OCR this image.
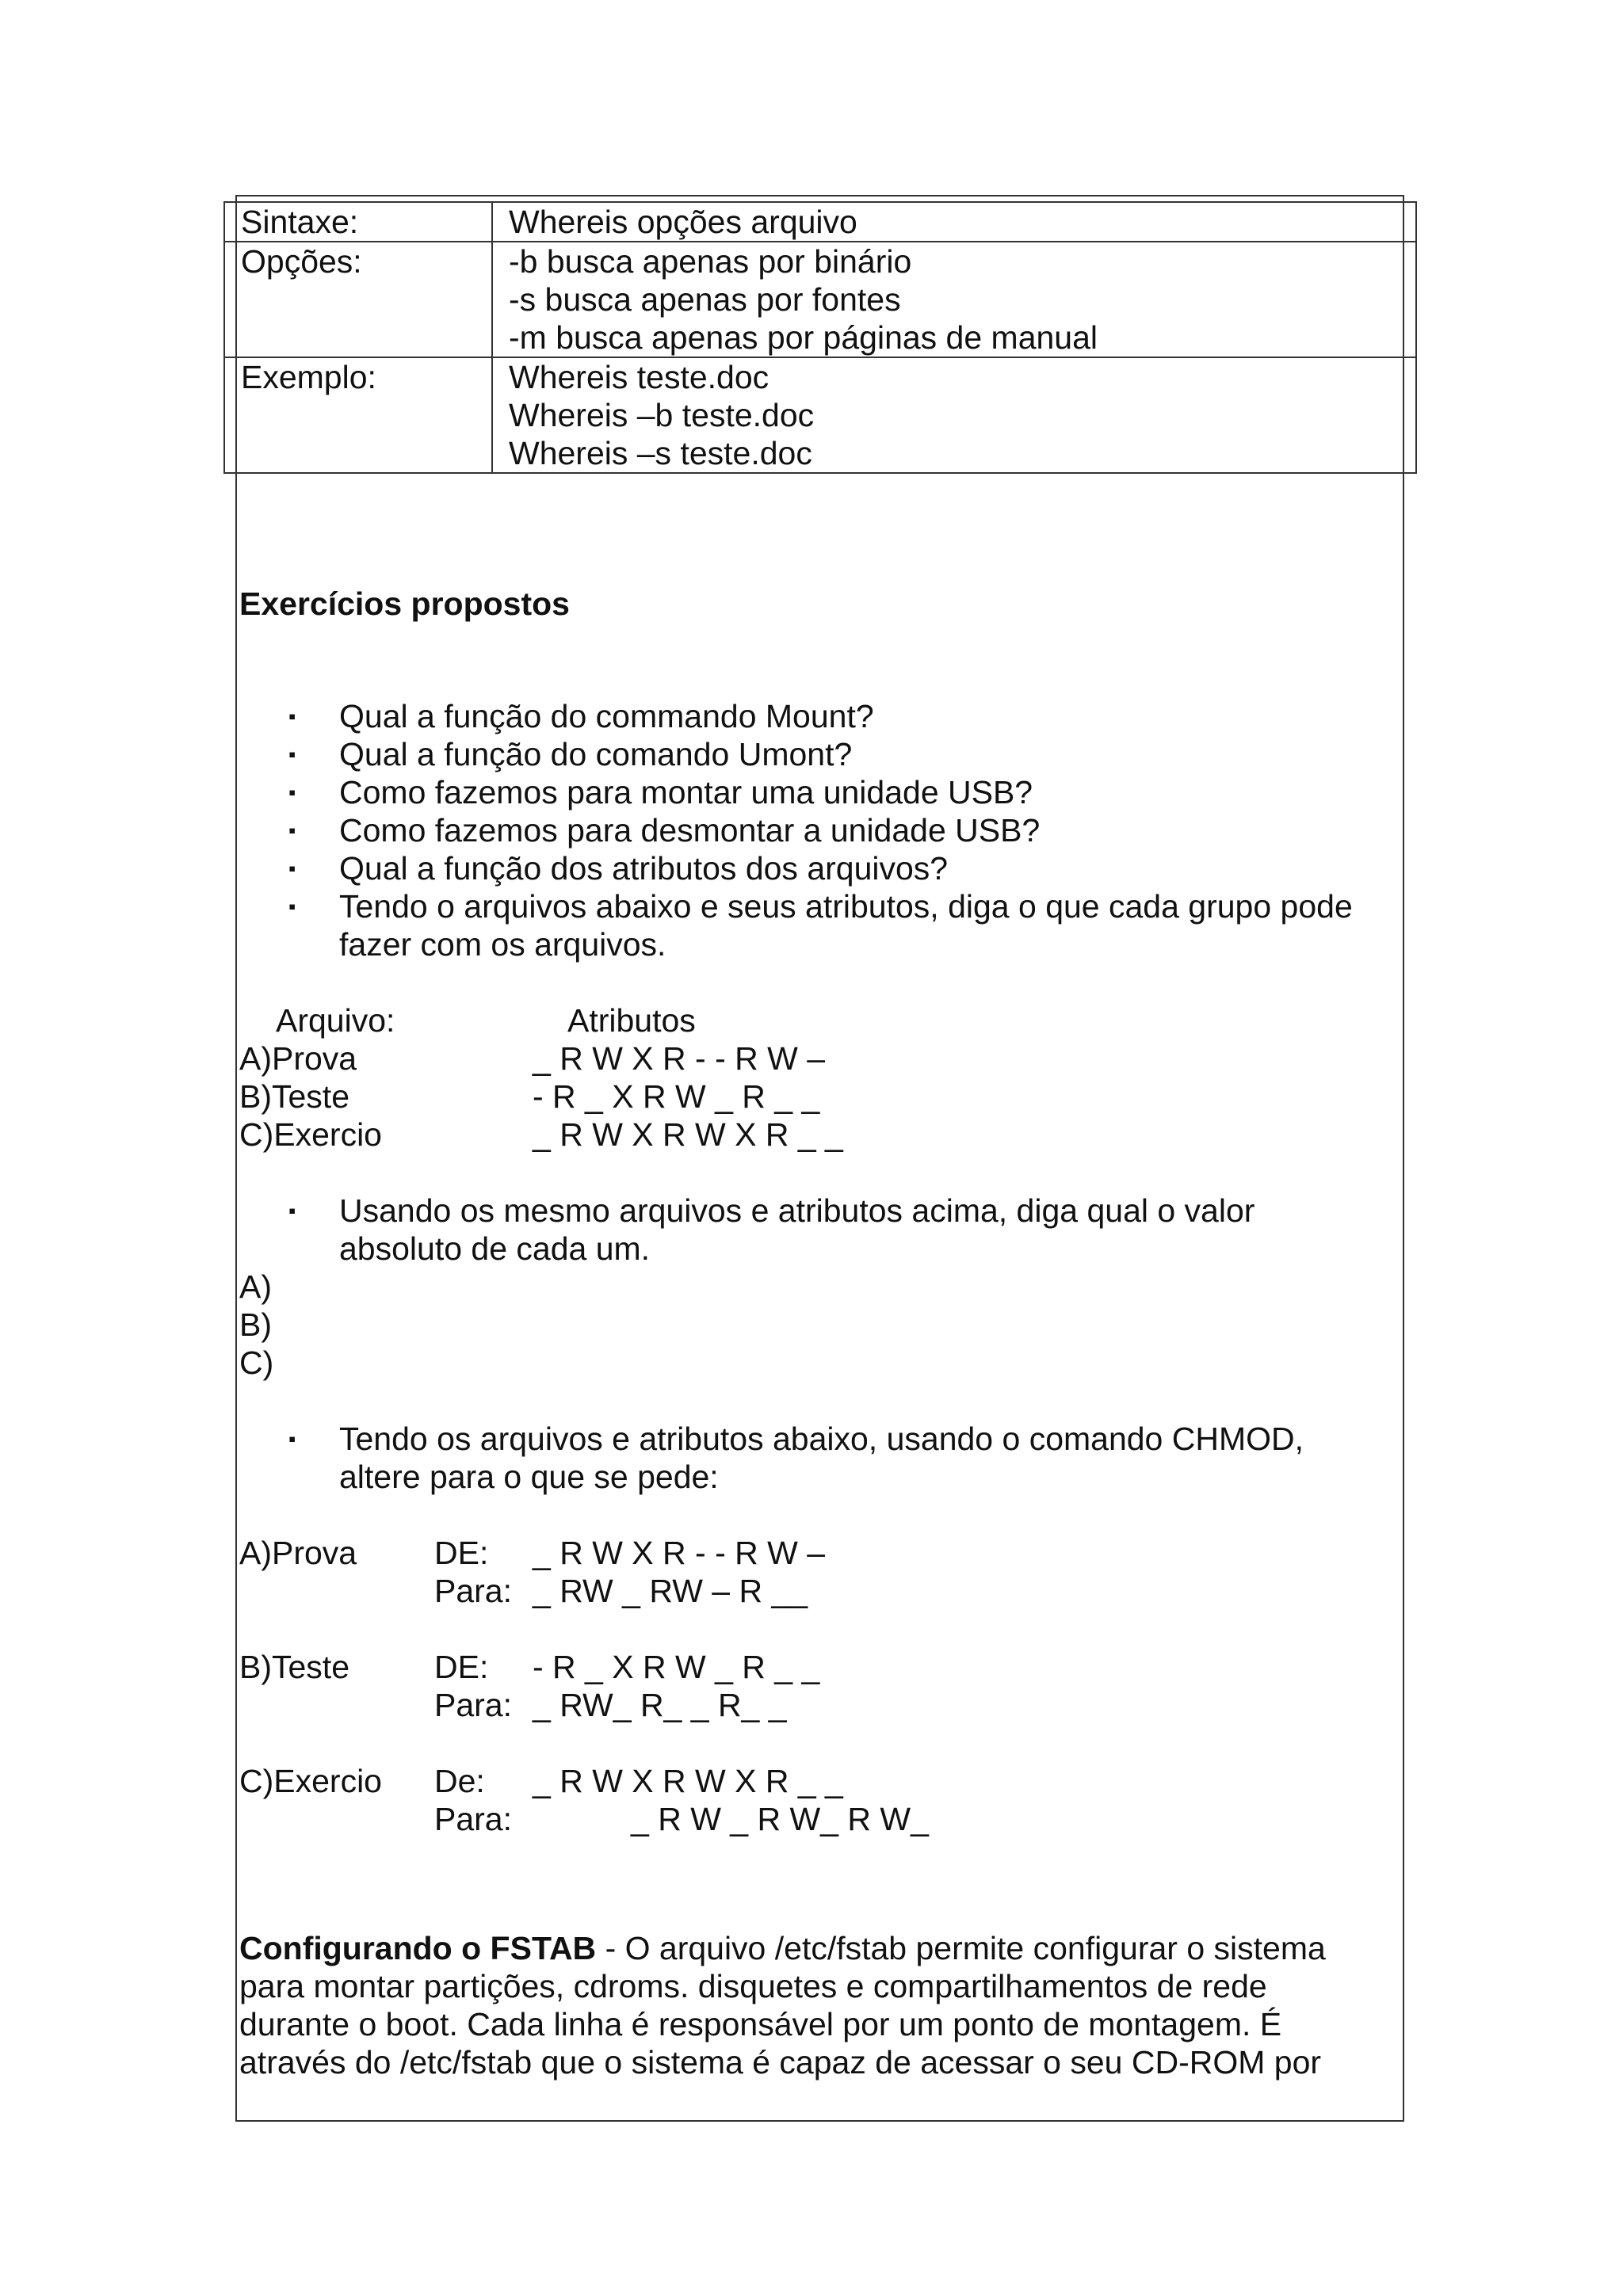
Sintaxe:	Whereis opções arquivo

Opções:	-b busca apenas por binário
-s busca apenas por fontes
-m busca apenas por páginas de manual

Exemplo:	Whereis teste.doc
Whereis –b teste.doc
Whereis –s teste.doc
Exercícios propostos
▪ Qual a função do commando Mount?
▪ Qual a função do comando Umont?
▪ Como fazemos para montar uma unidade USB?
▪ Como fazemos para desmontar a unidade USB?
▪ Qual a função dos atributos dos arquivos?
▪ Tendo o arquivos abaixo e seus atributos, diga o que cada grupo pode
fazer com os arquivos.
Arquivo:	Atributos
A)Prova	_ R W X R - - R W –
B)Teste	- R _ X R W _ R _ _
C)Exercio	_ R W X R W X R _ _
▪ Usando os mesmo arquivos e atributos acima, diga qual o valor
absoluto de cada um.
A)
B)
C)
▪ Tendo os arquivos e atributos abaixo, usando o comando CHMOD,
altere para o que se pede:
A)Prova DE: _ R W X R - - R W –
Para: _ RW _ RW – R __
B)Teste	DE: - R _ X R W _ R _ _
Para: _ RW_ R_ _ R_ _
C)Exercio De: _ R W X R W X R _ _
Para:	_ R W _ R W_ R W_
Configurando o FSTAB - O arquivo /etc/fstab permite configurar o sistema
para montar partições, cdroms. disquetes e compartilhamentos de rede
durante o boot. Cada linha é responsável por um ponto de montagem. É
através do /etc/fstab que o sistema é capaz de acessar o seu CD-ROM por
